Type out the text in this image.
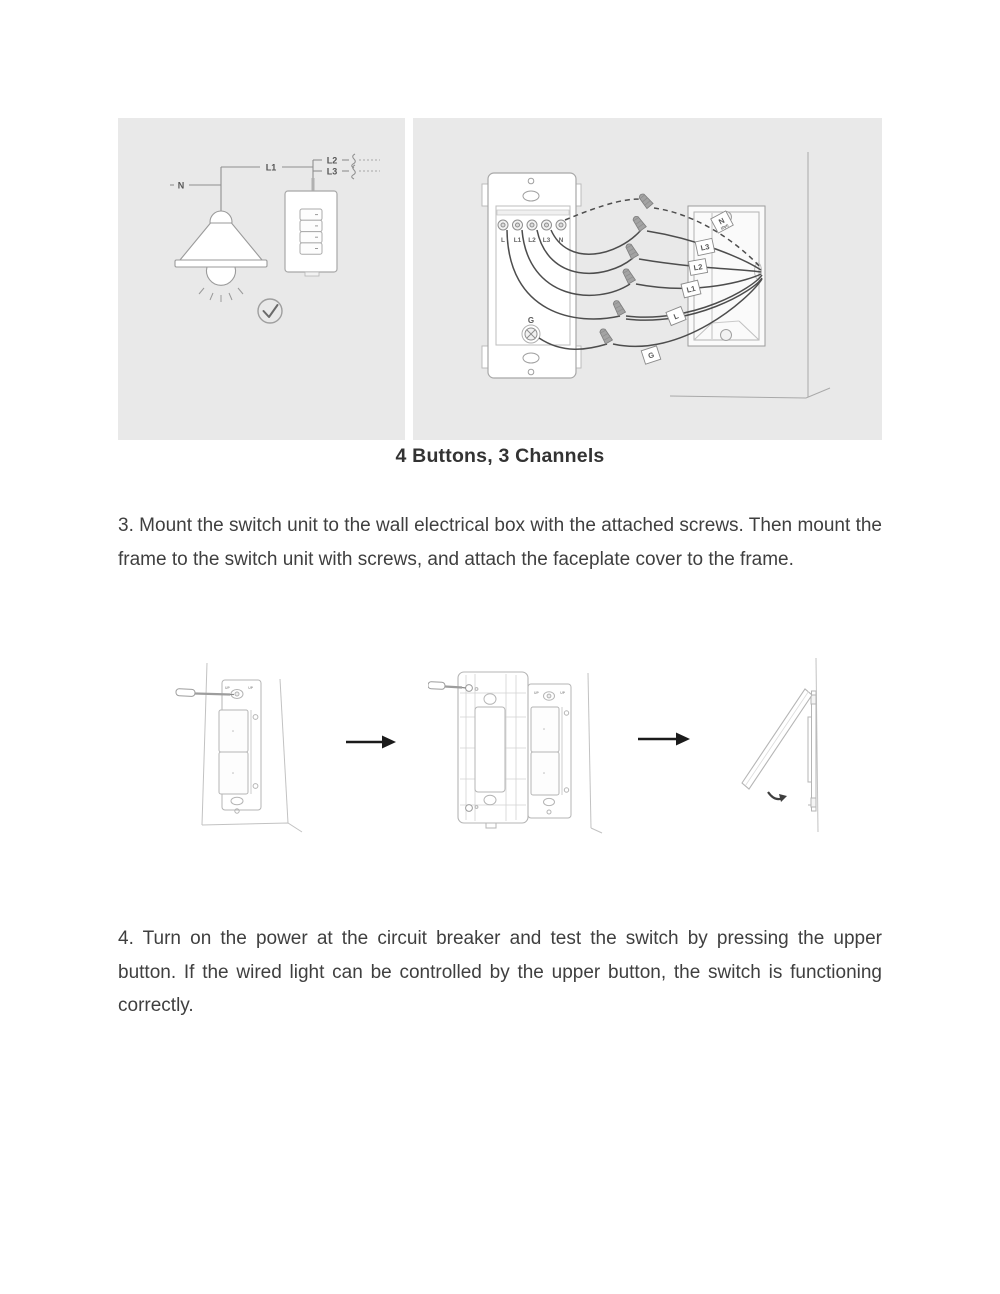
N
L1
L2
L3
L L1 L2 L3 N
G
N
(Opt)
L3
L2
L1
L
G
4 Buttons, 3 Channels
3. Mount the switch unit to the wall electrical box with the attached screws. Then mount the frame to the switch unit with screws, and attach the faceplate cover to the frame.
UP	UP
UP	UP
4. Turn on the power at the circuit breaker and test the switch by pressing the upper button. If the wired light can be controlled by the upper button, the switch is functioning correctly.
